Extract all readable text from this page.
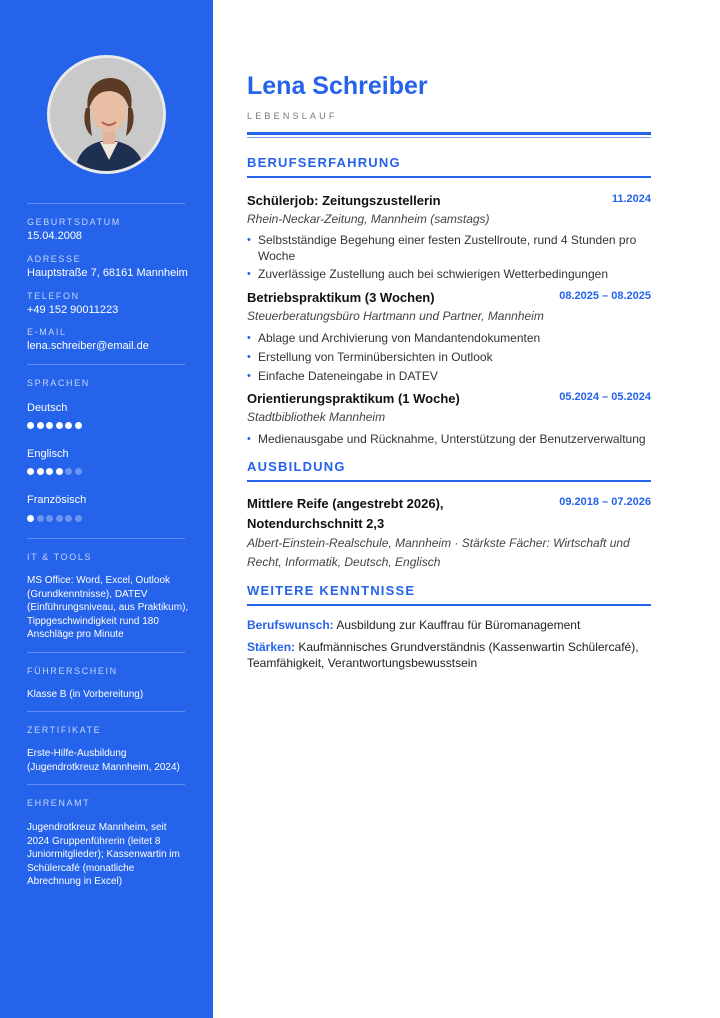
GEBURTSDATUM
15.04.2008
ADRESSE
Hauptstraße 7, 68161 Mannheim
TELEFON
+49 152 90011223
E-MAIL
lena.schreiber@email.de
SPRACHEN
Deutsch
Englisch
Französisch
IT & TOOLS
MS Office: Word, Excel, Outlook (Grundkenntnisse), DATEV (Einführungsniveau, aus Praktikum), Tippgeschwindigkeit rund 180 Anschläge pro Minute
FÜHRERSCHEIN
Klasse B (in Vorbereitung)
ZERTIFIKATE
Erste-Hilfe-Ausbildung (Jugendrotkreuz Mannheim, 2024)
EHRENAMT
Jugendrotkreuz Mannheim, seit 2024 Gruppenführerin (leitet 8 Juniormitglieder); Kassenwartin im Schülercafé (monatliche Abrechnung in Excel)
Lena Schreiber
LEBENSLAUF
BERUFSERFAHRUNG
Schülerjob: Zeitungszustellerin	11.2024
Rhein-Neckar-Zeitung, Mannheim (samstags)
• Selbstständige Begehung einer festen Zustellroute, rund 4 Stunden pro Woche
• Zuverlässige Zustellung auch bei schwierigen Wetterbedingungen
Betriebspraktikum (3 Wochen)	08.2025 – 08.2025
Steuerberatungsbüro Hartmann und Partner, Mannheim
• Ablage und Archivierung von Mandantendokumenten
• Erstellung von Terminübersichten in Outlook
• Einfache Dateneingabe in DATEV
Orientierungspraktikum (1 Woche)	05.2024 – 05.2024
Stadtbibliothek Mannheim
• Medienausgabe und Rücknahme, Unterstützung der Benutzerverwaltung
AUSBILDUNG
Mittlere Reife (angestrebt 2026), Notendurchschnitt 2,3
09.2018 – 07.2026
Albert-Einstein-Realschule, Mannheim · Stärkste Fächer: Wirtschaft und Recht, Informatik, Deutsch, Englisch
WEITERE KENNTNISSE
Berufswunsch: Ausbildung zur Kauffrau für Büromanagement
Stärken: Kaufmännisches Grundverständnis (Kassenwartin Schülercafé), Teamfähigkeit, Verantwortungsbewusstsein
